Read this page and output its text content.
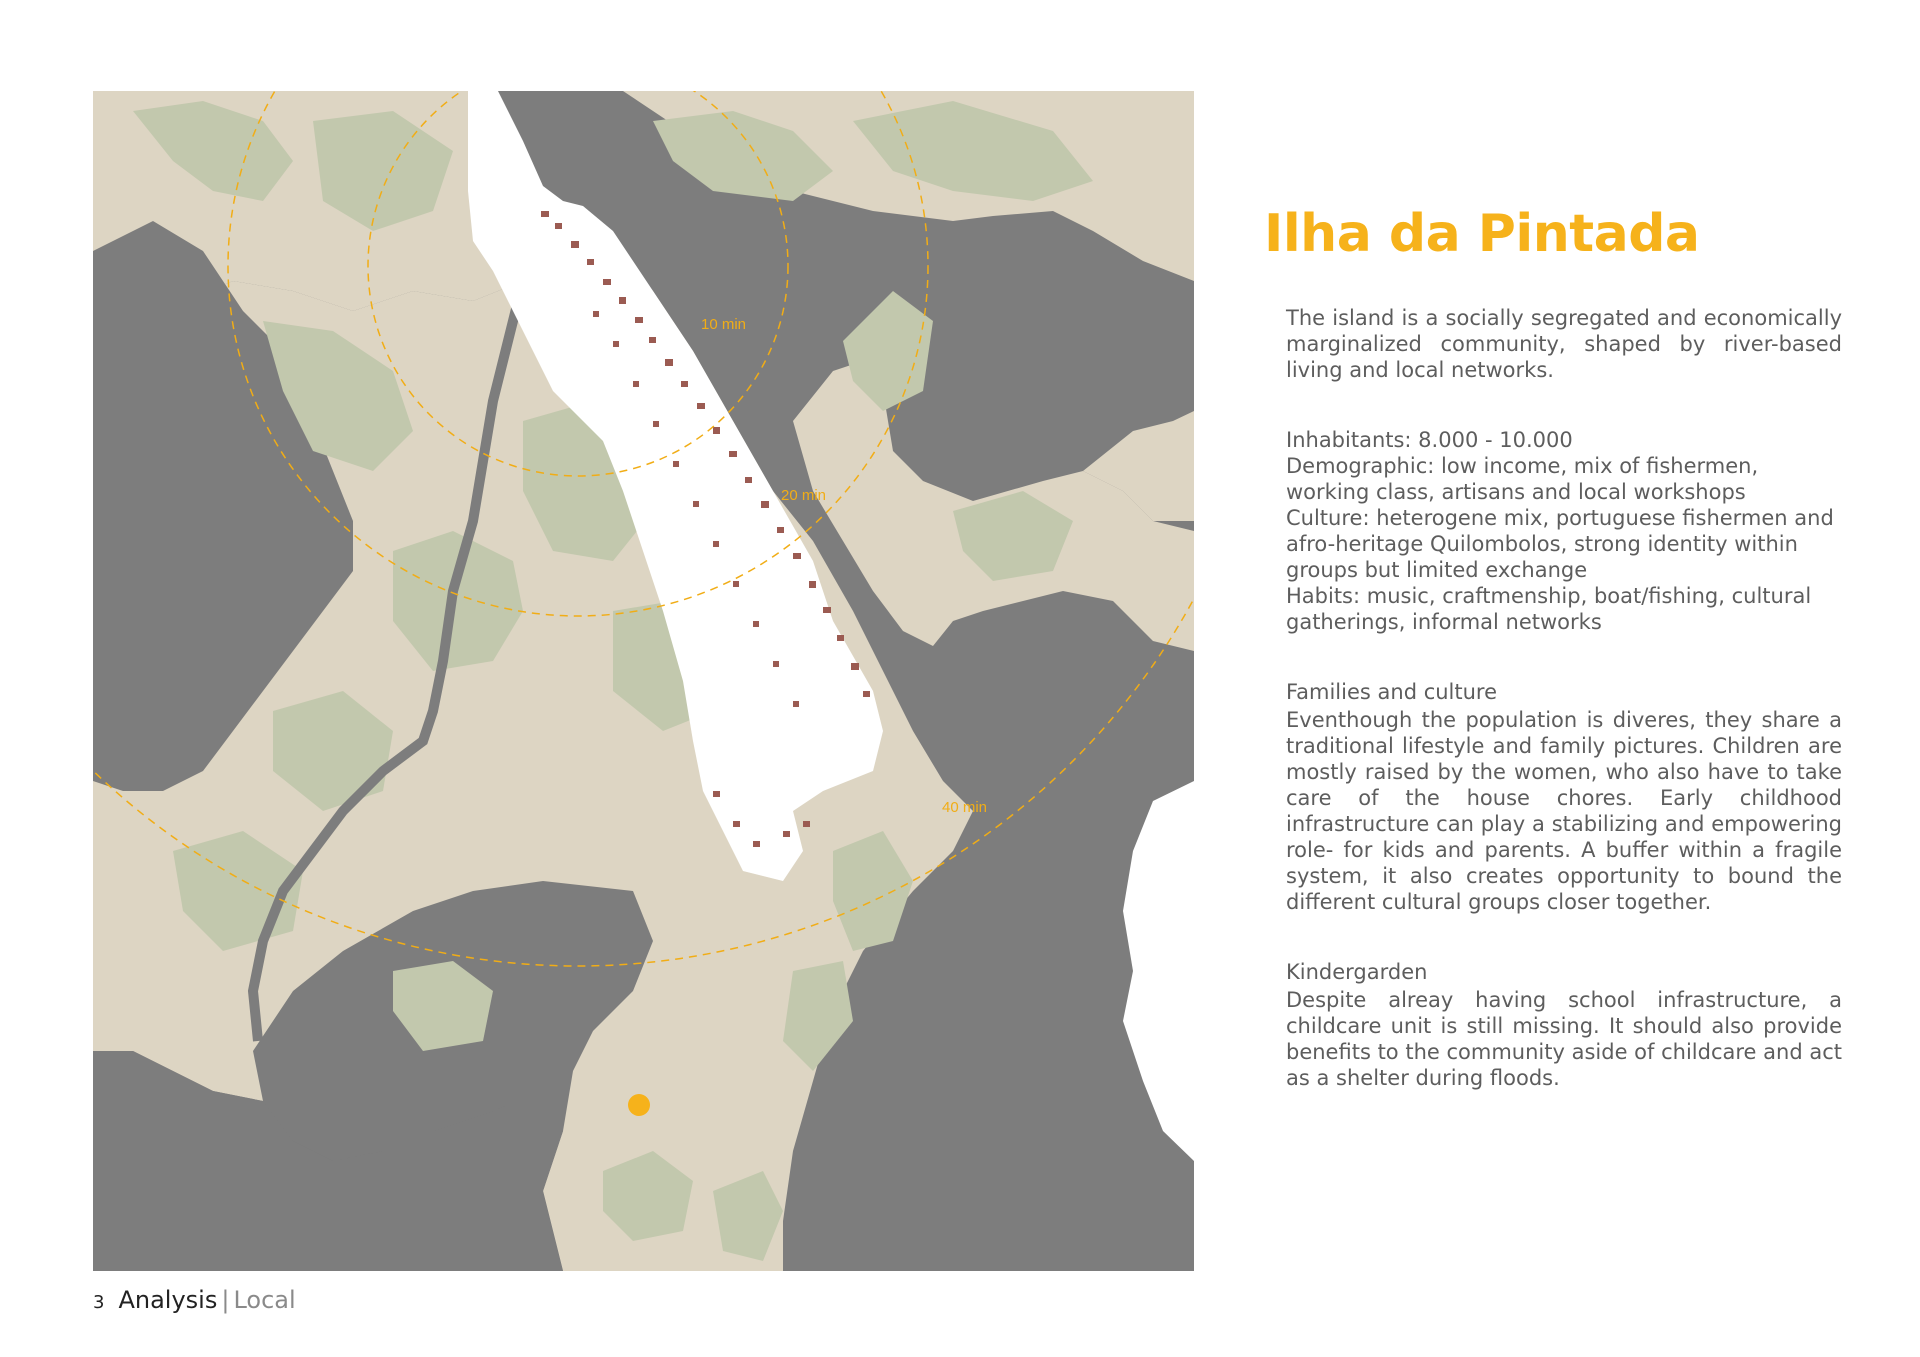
10 min
20 min
40 min
Ilha da Pintada
The island is a socially segregated and economically marginalized community, shaped by river-based living and local networks.
Inhabitants: 8.000 - 10.000
Demographic: low income, mix of fishermen, working class, artisans and local workshops
Culture: heterogene mix, portuguese fishermen and afro-heritage Quilombolos, strong identity within groups but limited exchange
Habits: music, craftmenship, boat/fishing, cultural gatherings, informal networks
Families and culture
Eventhough the population is diveres, they share a traditional lifestyle and family pictures. Children are mostly raised by the women, who also have to take care of the house chores. Early childhood infrastructure can play a stabilizing and empowering role- for kids and parents. A buffer within a fragile system, it also creates opportunity to bound the different cultural groups closer together.
Kindergarden
Despite alreay having school infrastructure, a childcare unit is still missing. It should also provide benefits to the community aside of childcare and act as a shelter during floods.
3 Analysis | Local
